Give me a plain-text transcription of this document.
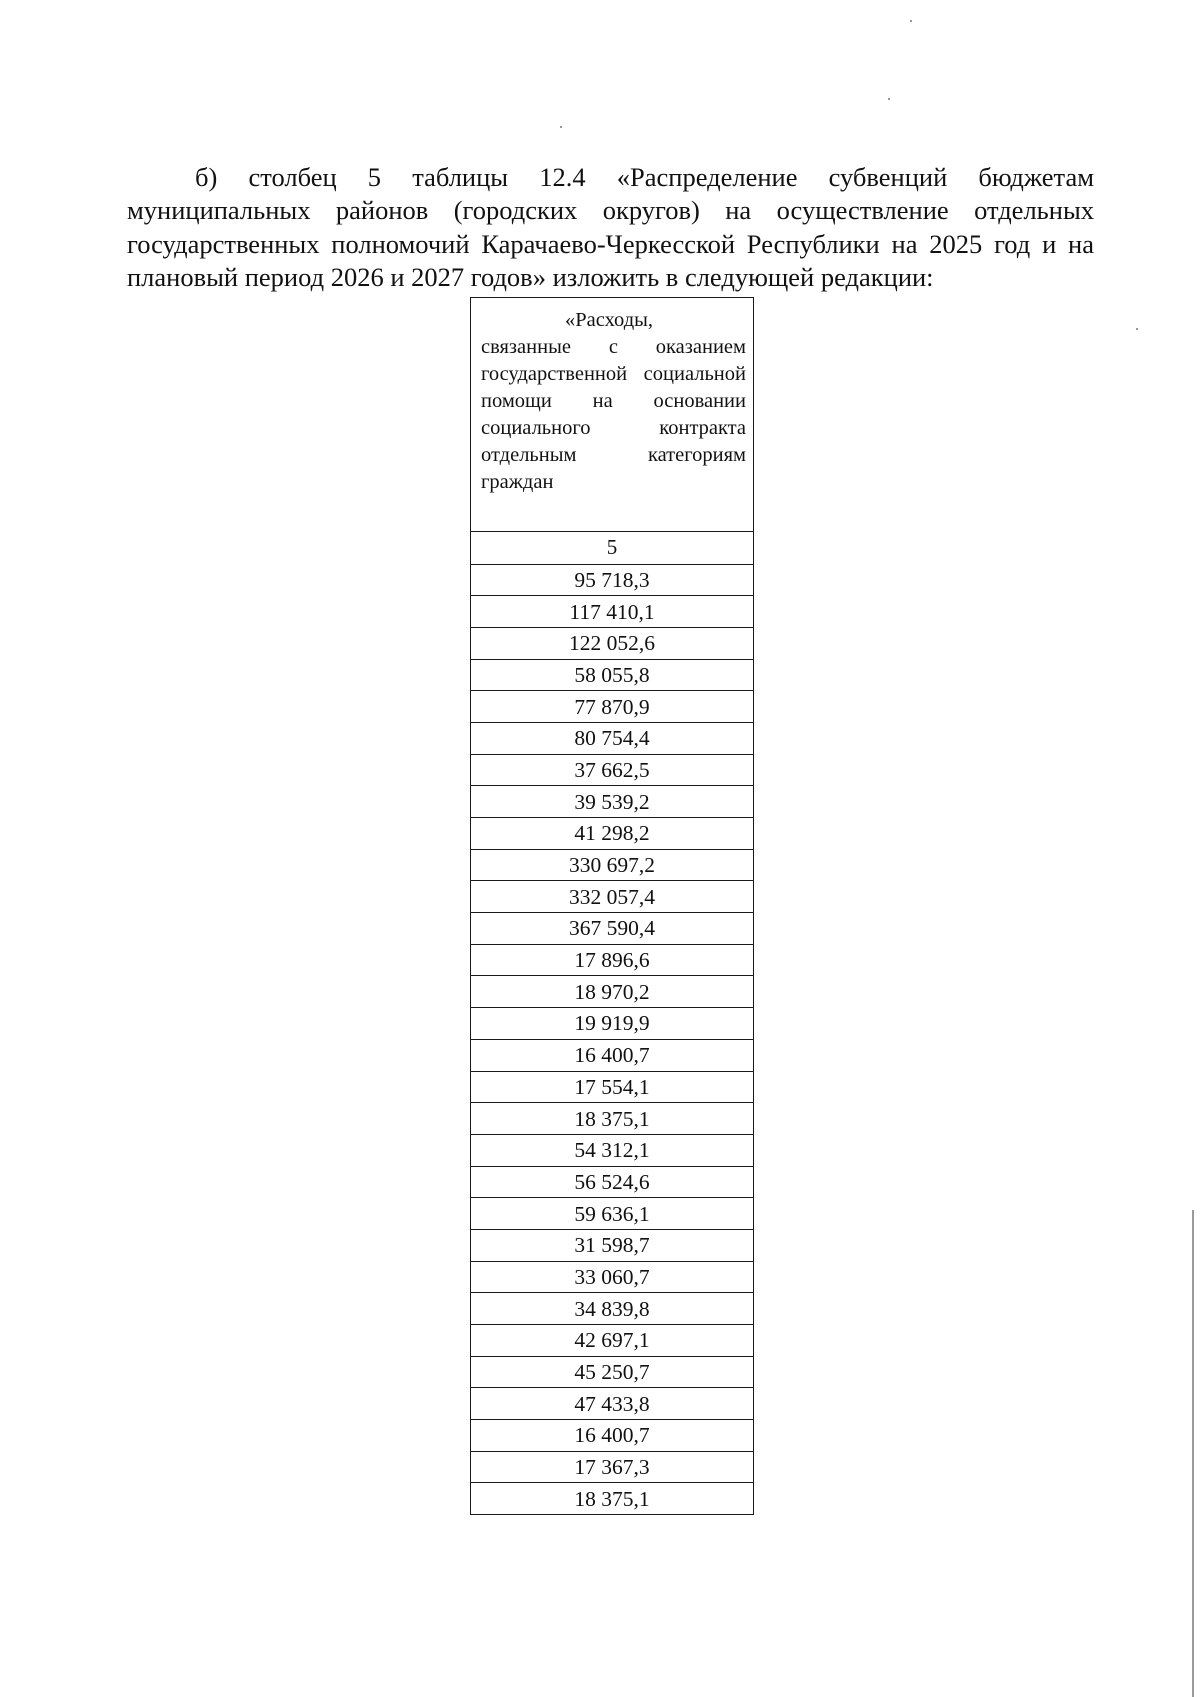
б) столбец 5 таблицы 12.4 «Распределение субвенций бюджетам муниципальных районов (городских округов) на осуществление отдельных государственных полномочий Карачаево-Черкесской Республики на 2025 год и на плановый период 2026 и 2027 годов» изложить в следующей редакции:

«Расходы,
связанные с оказанием государственной социальной помощи на основании социального контракта отдельным категориям граждан
5
95 718,3
117 410,1
122 052,6
58 055,8
77 870,9
80 754,4
37 662,5
39 539,2
41 298,2
330 697,2
332 057,4
367 590,4
17 896,6
18 970,2
19 919,9
16 400,7
17 554,1
18 375,1
54 312,1
56 524,6
59 636,1
31 598,7
33 060,7
34 839,8
42 697,1
45 250,7
47 433,8
16 400,7
17 367,3
18 375,1
